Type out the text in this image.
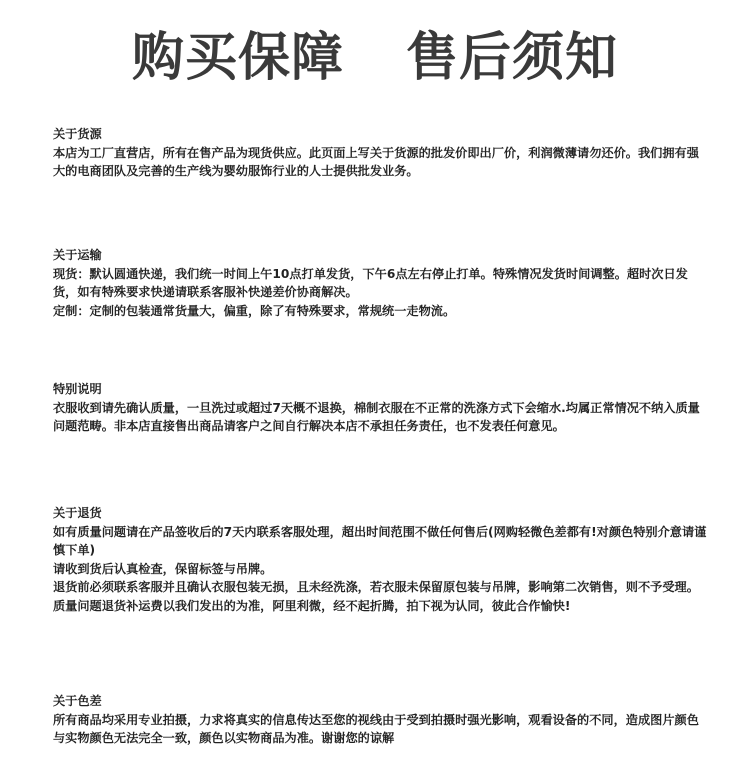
购买保障 售后须知
关于货源
本店为工厂直营店，所有在售产品为现货供应。此页面上写关于货源的批发价即出厂价，利润微薄请勿还价。我们拥有强大的电商团队及完善的生产线为婴幼服饰行业的人士提供批发业务。
关于运输
现货：默认圆通快递，我们统一时间上午10点打单发货，下午6点左右停止打单。特殊情况发货时间调整。超时次日发货，如有特殊要求快递请联系客服补快递差价协商解决。
定制：定制的包装通常货量大，偏重，除了有特殊要求，常规统一走物流。
特别说明
衣服收到请先确认质量，一旦洗过或超过7天概不退换，棉制衣服在不正常的洗涤方式下会缩水.均属正常情况不纳入质量问题范畴。非本店直接售出商品请客户之间自行解决本店不承担任务责任，也不发表任何意见。
关于退货
如有质量问题请在产品签收后的7天内联系客服处理，超出时间范围不做任何售后(网购轻微色差都有!对颜色特别介意请谨慎下单)
请收到货后认真检查，保留标签与吊牌。
退货前必须联系客服并且确认衣服包装无损，且未经洗涤，若衣服未保留原包装与吊牌，影响第二次销售，则不予受理。
质量问题退货补运费以我们发出的为准，阿里利微，经不起折腾，拍下视为认同，彼此合作愉快!
关于色差
所有商品均采用专业拍摄，力求将真实的信息传达至您的视线由于受到拍摄时强光影响，观看设备的不同，造成图片颜色与实物颜色无法完全一致，颜色以实物商品为准。谢谢您的谅解
